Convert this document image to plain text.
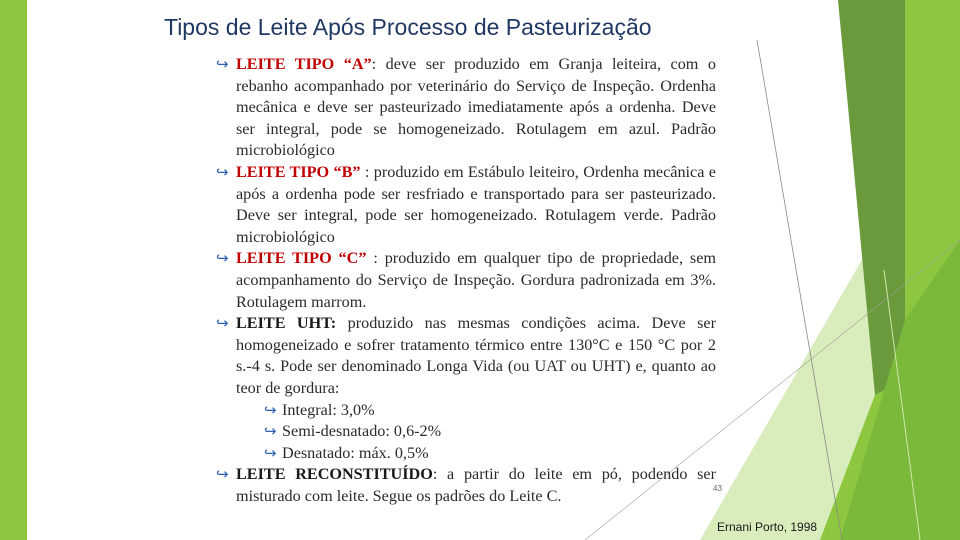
Tipos de Leite Após Processo de Pasteurização
↪ LEITE TIPO “A”: deve ser produzido em Granja leiteira, com o rebanho acompanhado por veterinário do Serviço de Inspeção. Ordenha mecânica e deve ser pasteurizado imediatamente após a ordenha. Deve ser integral, pode se homogeneizado. Rotulagem em azul. Padrão microbiológico
↪ LEITE TIPO “B” : produzido em Estábulo leiteiro, Ordenha mecânica e após a ordenha pode ser resfriado e transportado para ser pasteurizado. Deve ser integral, pode ser homogeneizado. Rotulagem verde. Padrão microbiológico
↪ LEITE TIPO “C” : produzido em qualquer tipo de propriedade, sem acompanhamento do Serviço de Inspeção. Gordura padronizada em 3%. Rotulagem marrom.
↪ LEITE UHT: produzido nas mesmas condições acima. Deve ser homogeneizado e sofrer tratamento térmico entre 130°C e 150 °C por 2 s.-4 s. Pode ser denominado Longa Vida (ou UAT ou UHT) e, quanto ao teor de gordura:
↪ Integral: 3,0%
↪ Semi-desnatado: 0,6-2%
↪ Desnatado: máx. 0,5%
↪ LEITE RECONSTITUÍDO: a partir do leite em pó, podendo ser misturado com leite. Segue os padrões do Leite C.	43
Ernani Porto, 1998
